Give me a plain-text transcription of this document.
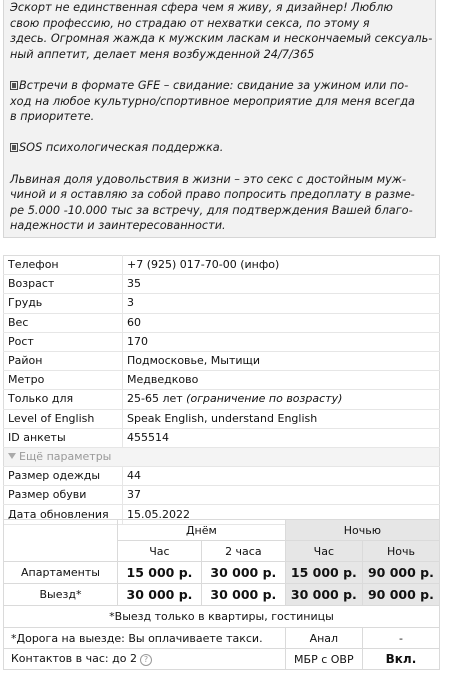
Эскорт не единственная сфера чем я живу, я дизайнер! Люблю
свою профессию, но страдаю от нехватки секса, по этому я
здесь. Огромная жажда к мужским ласкам и нескончаемый сексуаль-
ный аппетит, делает меня возбужденной 24/7/365

Встречи в формате GFE – свидание: свидание за ужином или по-
ход на любое культурно/спортивное мероприятие для меня всегда
в приоритете.

SOS психологическая поддержка.

Львиная доля удовольствия в жизни – это секс с достойным муж-
чиной и я оставляю за собой право попросить предоплату в разме-
ре 5.000 -10.000 тыс за встречу, для подтверждения Вашей благо-
надежности и заинтересованности.

Телефон	+7 (925) 017-70-00 (инфо)
Возраст	35
Грудь	3
Вес	60
Рост	170
Район	Подмосковье, Мытищи
Метро	Медведково
Только для	25-65 лет (ограничение по возрасту)
Level of English	Speak English, understand English
ID анкеты	455514
Ещё параметры	
Размер одежды	44
Размер обуви	37
Дата обновления	15.05.2022
	Днём		Ночью	
	Час	2 часа	Час	Ночь
Апартаменты	15 000 р.	30 000 р.	15 000 р.	90 000 р.
Выезд*	30 000 р.	30 000 р.	30 000 р.	90 000 р.
*Выезд только в квартиры, гостиницы				
*Дорога на выезде: Вы оплачиваете такси.			Анал	-
Контактов в час: до 2 ?			МБР с ОВР	Вкл.
